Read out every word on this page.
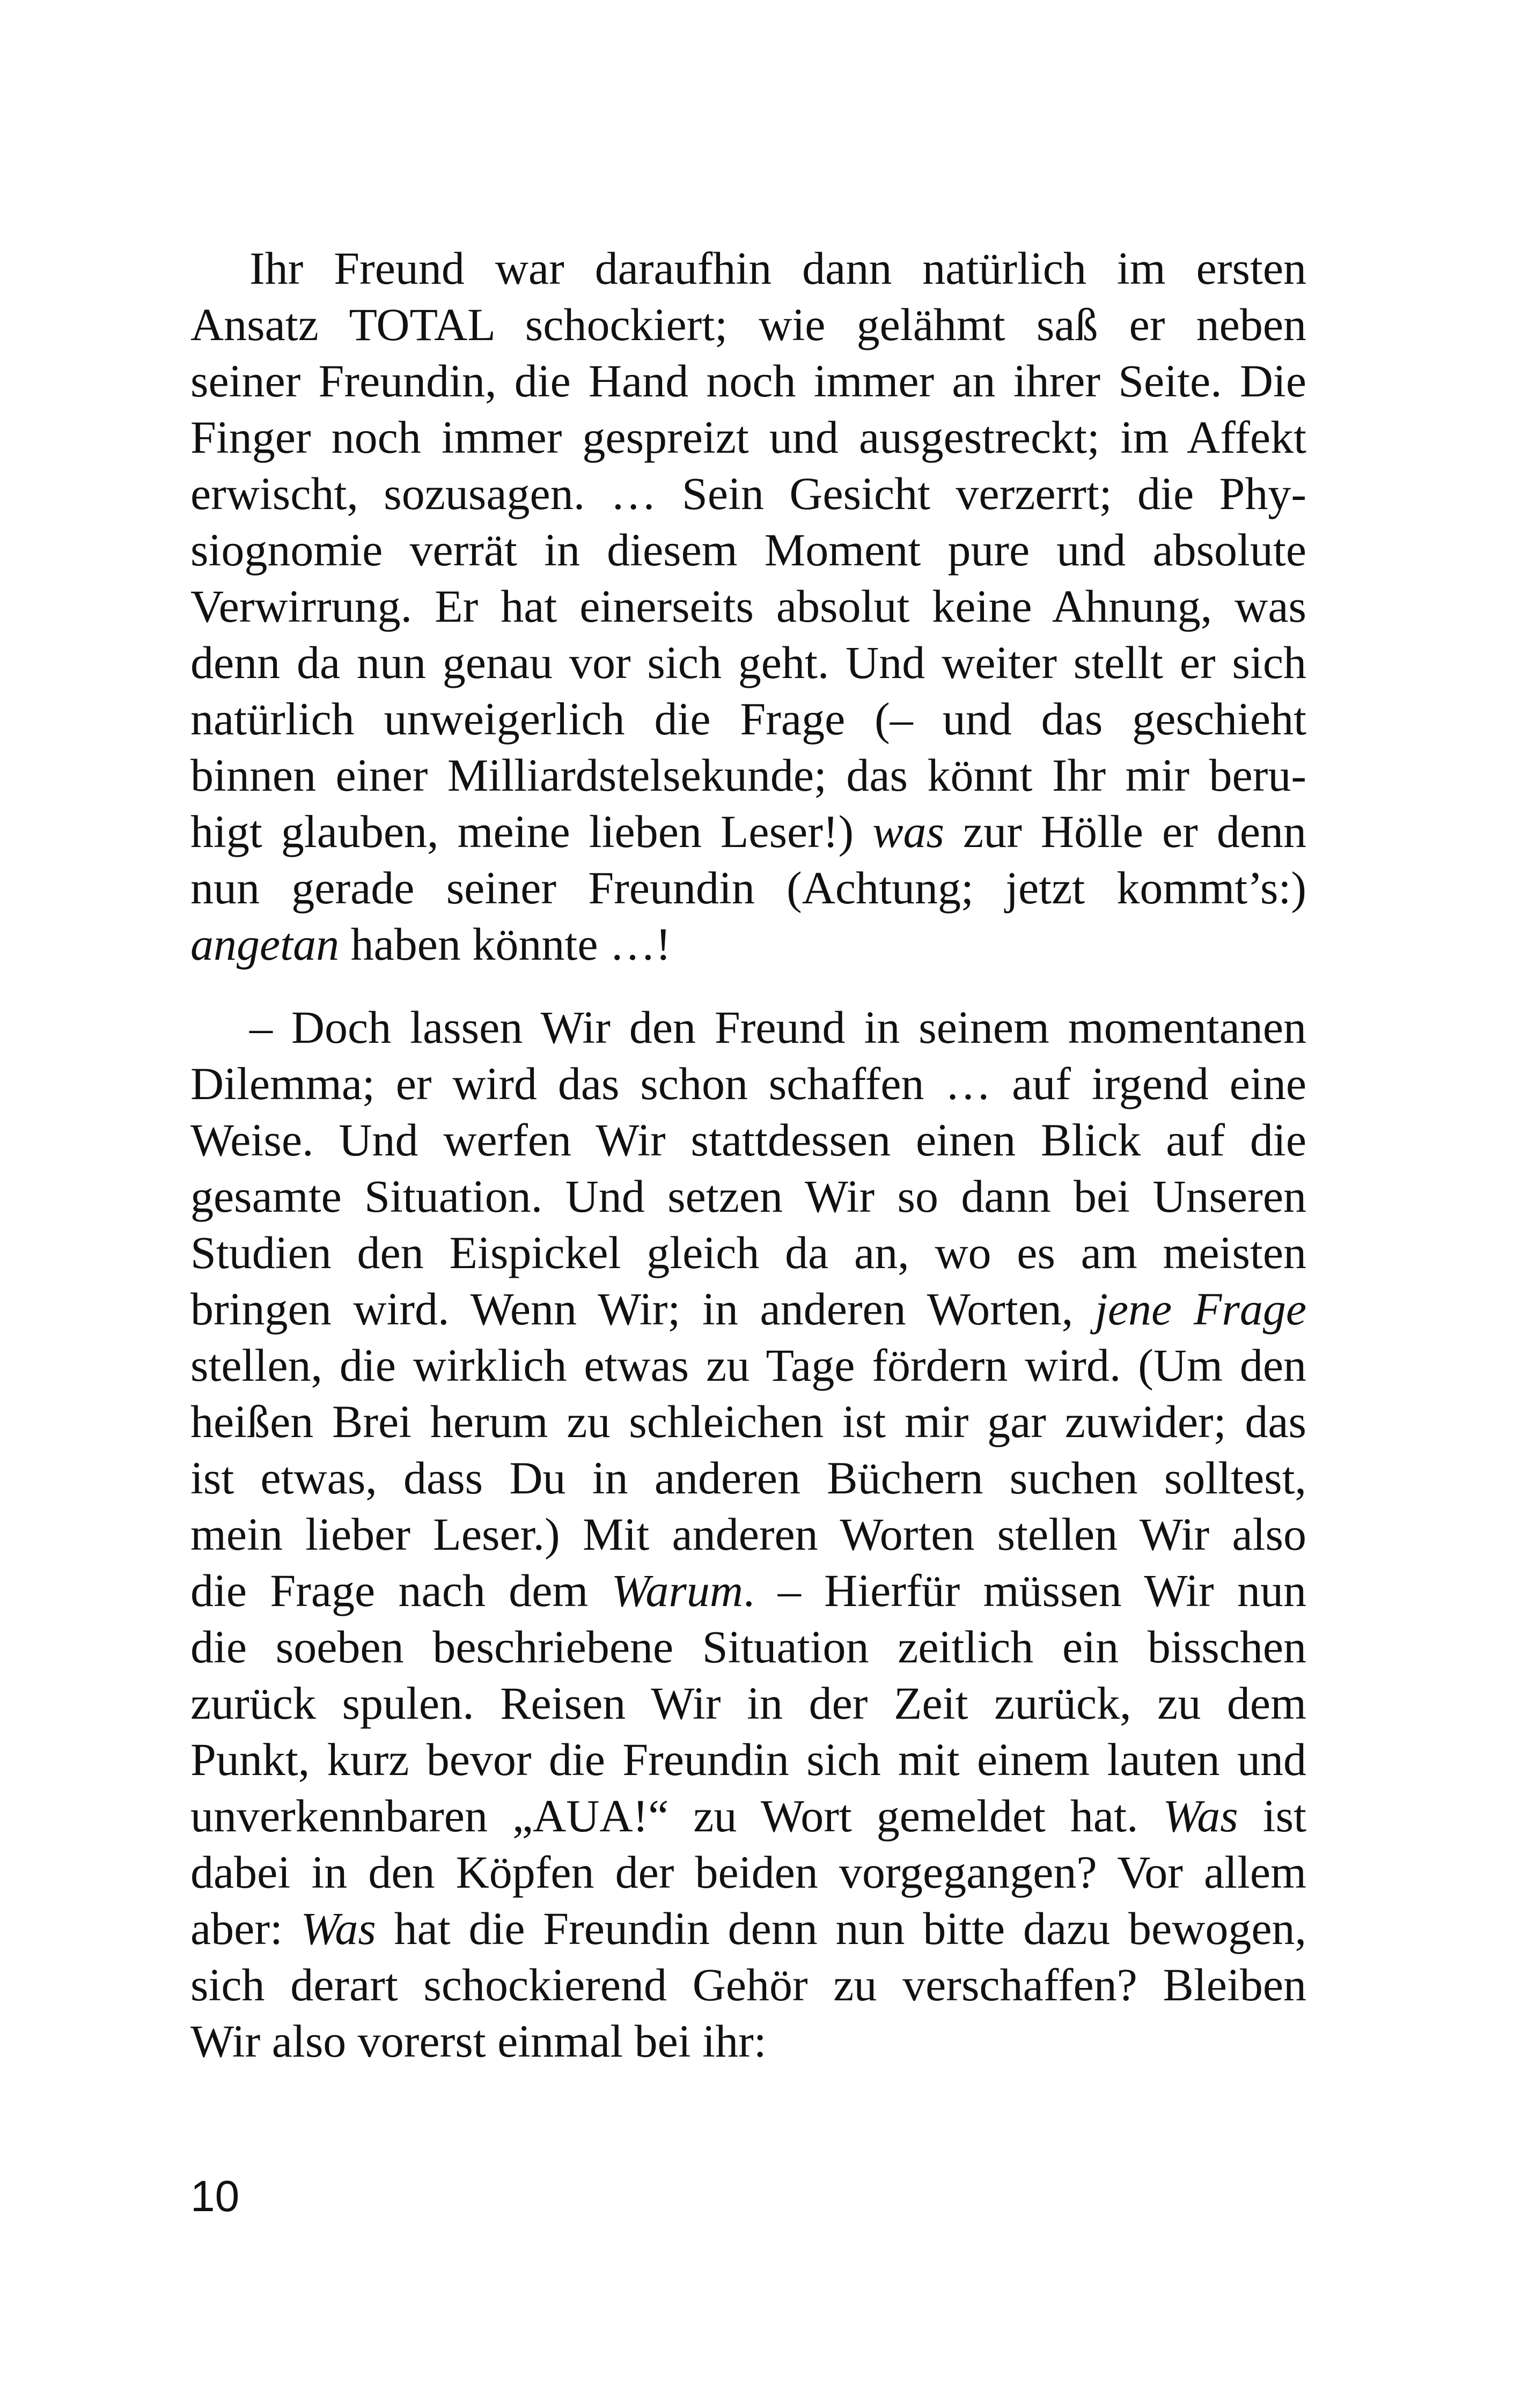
Ihr Freund war daraufhin dann natürlich im ersten
Ansatz TOTAL schockiert; wie gelähmt saß er neben
seiner Freundin, die Hand noch immer an ihrer Seite. Die
Finger noch immer gespreizt und ausgestreckt; im Affekt
erwischt, sozusagen. … Sein Gesicht verzerrt; die Phy-
siognomie verrät in diesem Moment pure und absolute
Verwirrung. Er hat einerseits absolut keine Ahnung, was
denn da nun genau vor sich geht. Und weiter stellt er sich
natürlich unweigerlich die Frage (– und das geschieht
binnen einer Milliardstelsekunde; das könnt Ihr mir beru-
higt glauben, meine lieben Leser!) was zur Hölle er denn
nun gerade seiner Freundin (Achtung; jetzt kommt’s:)
angetan haben könnte …!
– Doch lassen Wir den Freund in seinem momentanen
Dilemma; er wird das schon schaffen … auf irgend eine
Weise. Und werfen Wir stattdessen einen Blick auf die
gesamte Situation. Und setzen Wir so dann bei Unseren
Studien den Eispickel gleich da an, wo es am meisten
bringen wird. Wenn Wir; in anderen Worten, jene Frage
stellen, die wirklich etwas zu Tage fördern wird. (Um den
heißen Brei herum zu schleichen ist mir gar zuwider; das
ist etwas, dass Du in anderen Büchern suchen solltest,
mein lieber Leser.) Mit anderen Worten stellen Wir also
die Frage nach dem Warum. – Hierfür müssen Wir nun
die soeben beschriebene Situation zeitlich ein bisschen
zurück spulen. Reisen Wir in der Zeit zurück, zu dem
Punkt, kurz bevor die Freundin sich mit einem lauten und
unverkennbaren „AUA!“ zu Wort gemeldet hat. Was ist
dabei in den Köpfen der beiden vorgegangen? Vor allem
aber: Was hat die Freundin denn nun bitte dazu bewogen,
sich derart schockierend Gehör zu verschaffen? Bleiben
Wir also vorerst einmal bei ihr:
10
